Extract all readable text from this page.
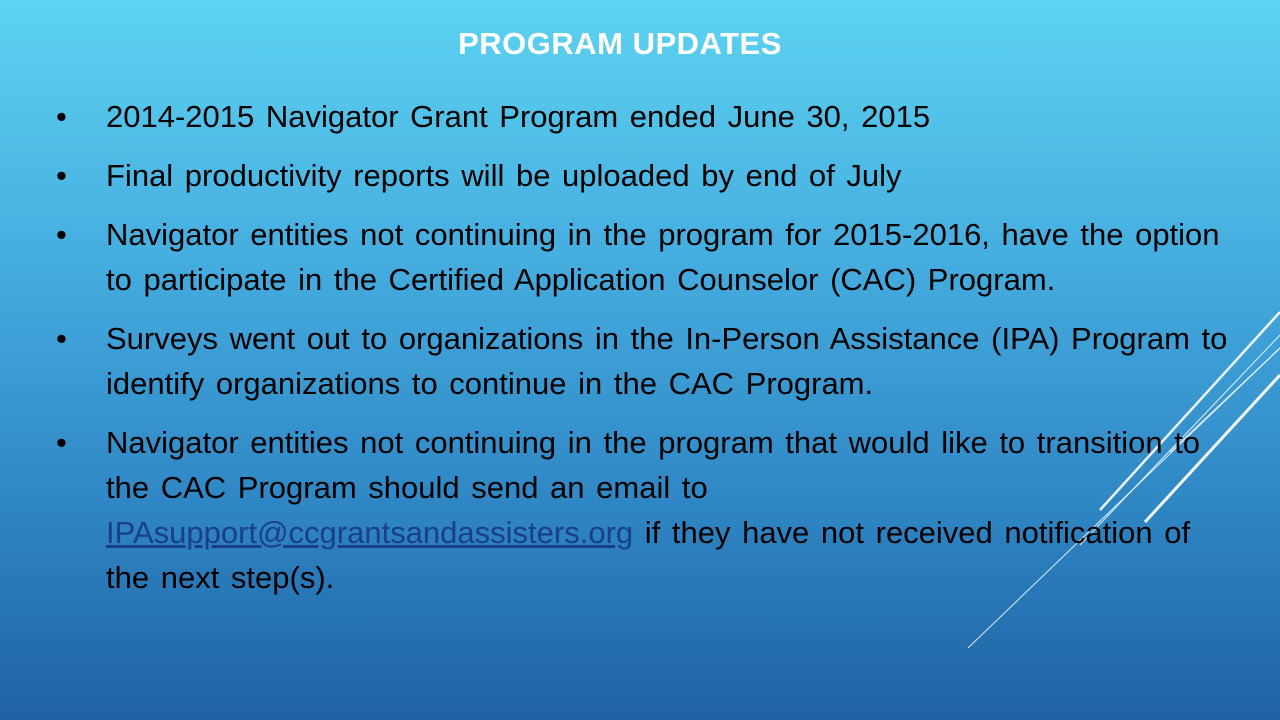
PROGRAM UPDATES
• 2014-2015 Navigator Grant Program ended June 30, 2015
• Final productivity reports will be uploaded by end of July
• Navigator entities not continuing in the program for 2015-2016, have the option to participate in the Certified Application Counselor (CAC) Program.
• Surveys went out to organizations in the In-Person Assistance (IPA) Program to identify organizations to continue in the CAC Program.
• Navigator entities not continuing in the program that would like to transition to the CAC Program should send an email to IPAsupport@ccgrantsandassisters.org if they have not received notification of the next step(s).
